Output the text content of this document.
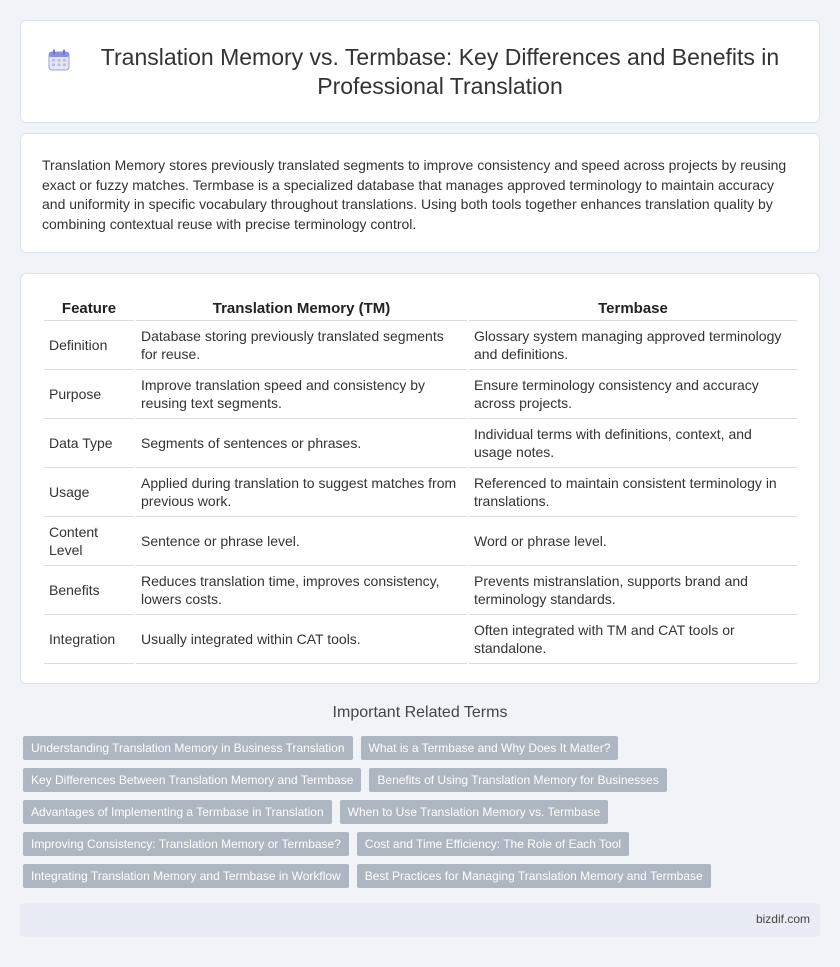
Translation Memory vs. Termbase: Key Differences and Benefits in Professional Translation

Translation Memory stores previously translated segments to improve consistency and speed across projects by reusing exact or fuzzy matches. Termbase is a specialized database that manages approved terminology to maintain accuracy and uniformity in specific vocabulary throughout translations. Using both tools together enhances translation quality by combining contextual reuse with precise terminology control.

Feature	Translation Memory (TM)	Termbase
Definition	Database storing previously translated segments for reuse.	Glossary system managing approved terminology and definitions.
Purpose	Improve translation speed and consistency by reusing text segments.	Ensure terminology consistency and accuracy across projects.
Data Type	Segments of sentences or phrases.	Individual terms with definitions, context, and usage notes.
Usage	Applied during translation to suggest matches from previous work.	Referenced to maintain consistent terminology in translations.
Content Level	Sentence or phrase level.	Word or phrase level.
Benefits	Reduces translation time, improves consistency, lowers costs.	Prevents mistranslation, supports brand and terminology standards.
Integration	Usually integrated within CAT tools.	Often integrated with TM and CAT tools or standalone.
Important Related Terms
Understanding Translation Memory in Business Translation	What is a Termbase and Why Does It Matter?
Key Differences Between Translation Memory and Termbase	Benefits of Using Translation Memory for Businesses
Advantages of Implementing a Termbase in Translation	When to Use Translation Memory vs. Termbase
Improving Consistency: Translation Memory or Termbase?	Cost and Time Efficiency: The Role of Each Tool
Integrating Translation Memory and Termbase in Workflow	Best Practices for Managing Translation Memory and Termbase
bizdif.com
